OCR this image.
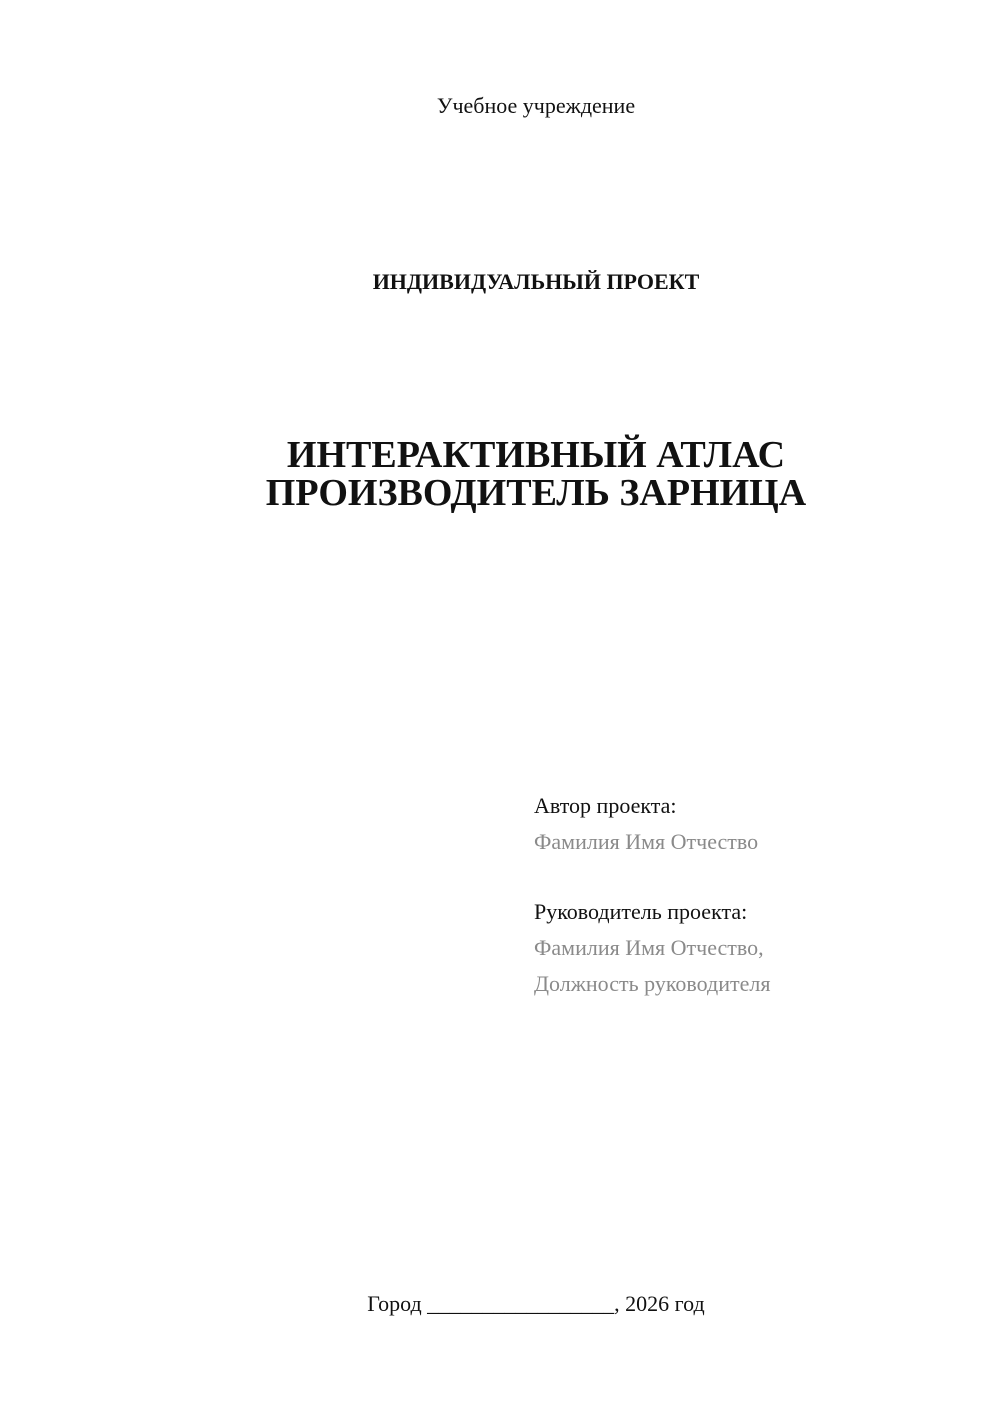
Учебное учреждение
ИНДИВИДУАЛЬНЫЙ ПРОЕКТ
ИНТЕРАКТИВНЫЙ АТЛАС
ПРОИЗВОДИТЕЛЬ ЗАРНИЦА
Автор проекта:
Фамилия Имя Отчество
Руководитель проекта:
Фамилия Имя Отчество,
Должность руководителя
Город _________________, 2026 год
